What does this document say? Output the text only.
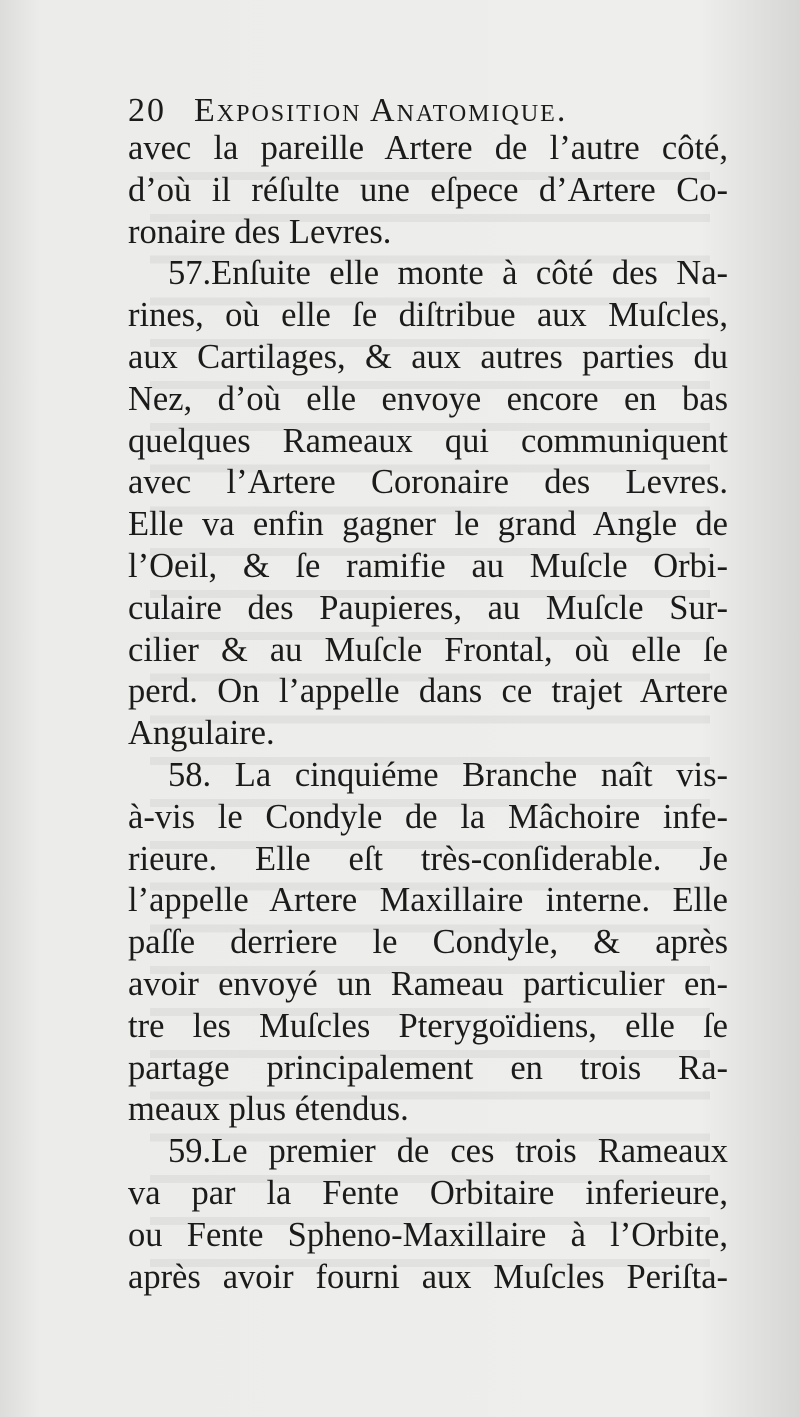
20 Exposition Anatomique.
avec la pareille Artere de l’autre côté,
d’où il réſulte une eſpece d’Artere Co-
ronaire des Levres.
57.Enſuite elle monte à côté des Na-
rines, où elle ſe diſtribue aux Muſcles,
aux Cartilages, & aux autres parties du
Nez, d’où elle envoye encore en bas
quelques Rameaux qui communiquent
avec l’Artere Coronaire des Levres.
Elle va enfin gagner le grand Angle de
l’Oeil, & ſe ramifie au Muſcle Orbi-
culaire des Paupieres, au Muſcle Sur-
cilier & au Muſcle Frontal, où elle ſe
perd. On l’appelle dans ce trajet Artere
Angulaire.
58. La cinquiéme Branche naît vis-
à-vis le Condyle de la Mâchoire infe-
rieure. Elle eſt très-conſiderable. Je
l’appelle Artere Maxillaire interne. Elle
paſſe derriere le Condyle, & après
avoir envoyé un Rameau particulier en-
tre les Muſcles Pterygoïdiens, elle ſe
partage principalement en trois Ra-
meaux plus étendus.
59.Le premier de ces trois Rameaux
va par la Fente Orbitaire inferieure,
ou Fente Spheno-Maxillaire à l’Orbite,
après avoir fourni aux Muſcles Periſta-
